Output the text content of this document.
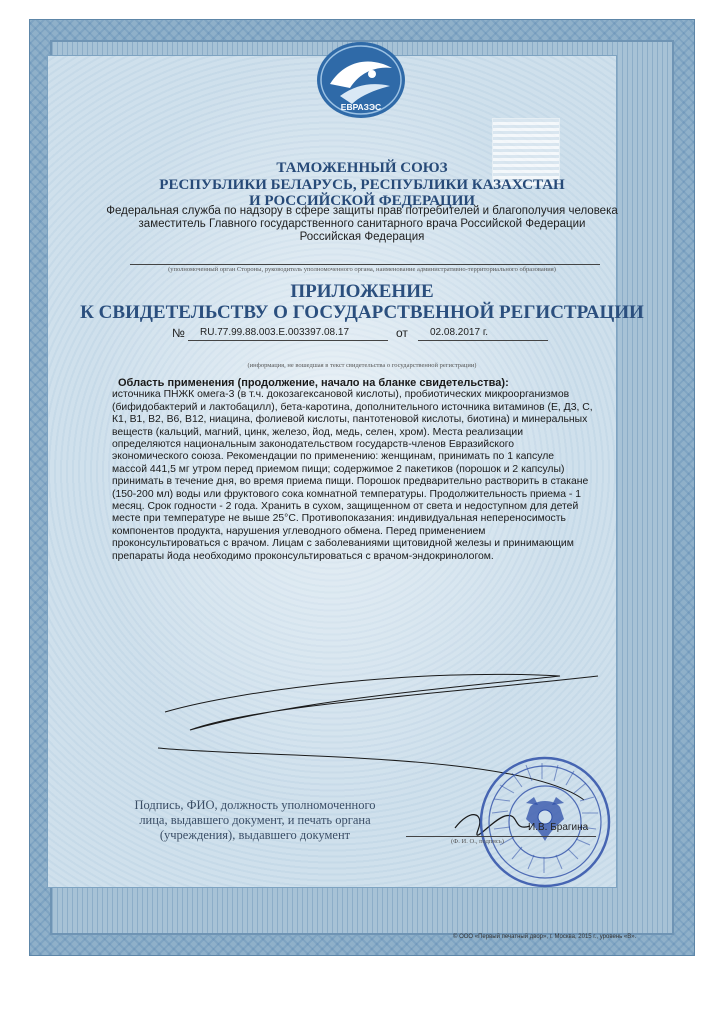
ЕВРАЗЭС

ТАМОЖЕННЫЙ СОЮЗ

РЕСПУБЛИКИ БЕЛАРУСЬ, РЕСПУБЛИКИ КАЗАХСТАН

И РОССИЙСКОЙ ФЕДЕРАЦИИ

Федеральная служба по надзору в сфере защиты прав потребителей и благополучия человека

заместитель Главного государственного санитарного врача Российской Федерации

Российская Федерация

(уполномоченный орган Стороны, руководитель уполномоченного органа, наименование административно-территориального образования)

ПРИЛОЖЕНИЕ

К СВИДЕТЕЛЬСТВУ О ГОСУДАРСТВЕННОЙ РЕГИСТРАЦИИ

№ RU.77.99.88.003.E.003397.08.17	от 02.08.2017 г.

(информация, не вошедшая в текст свидетельства о государственной регистрации)

Область применения (продолжение, начало на бланке свидетельства):
источника ПНЖК омега-3 (в т.ч. докозагексановой кислоты), пробиотических микроорганизмов
(бифидобактерий и лактобацилл), бета-каротина, дополнительного источника витаминов (Е, Д3, С,
К1, В1, В2, В6, В12, ниацина, фолиевой кислоты, пантотеновой кислоты, биотина) и минеральных
веществ (кальций, магний, цинк, железо, йод, медь, селен, хром). Места реализации
определяются национальным законодательством государств-членов Евразийского
экономического союза. Рекомендации по применению: женщинам, принимать по 1 капсуле
массой 441,5 мг утром перед приемом пищи; содержимое 2 пакетиков (порошок и 2 капсулы)
принимать в течение дня, во время приема пищи. Порошок предварительно растворить в стакане
(150-200 мл) воды или фруктового сока комнатной температуры. Продолжительность приема - 1
месяц. Срок годности - 2 года. Хранить в сухом, защищенном от света и недоступном для детей
месте при температуре не выше 25°С. Противопоказания: индивидуальная непереносимость
компонентов продукта, нарушения углеводного обмена. Перед применением
проконсультироваться с врачом. Лицам с заболеваниями щитовидной железы и принимающим
препараты йода необходимо проконсультироваться с врачом-эндокринологом.
Подпись, ФИО, должность уполномоченного
лица, выдавшего документ, и печать органа
(учреждения), выдавшего документ
И.В. Брагина
(Ф. И. О., подпись)
© ООО «Первый печатный двор», г. Москва, 2015 г., уровень «В».
